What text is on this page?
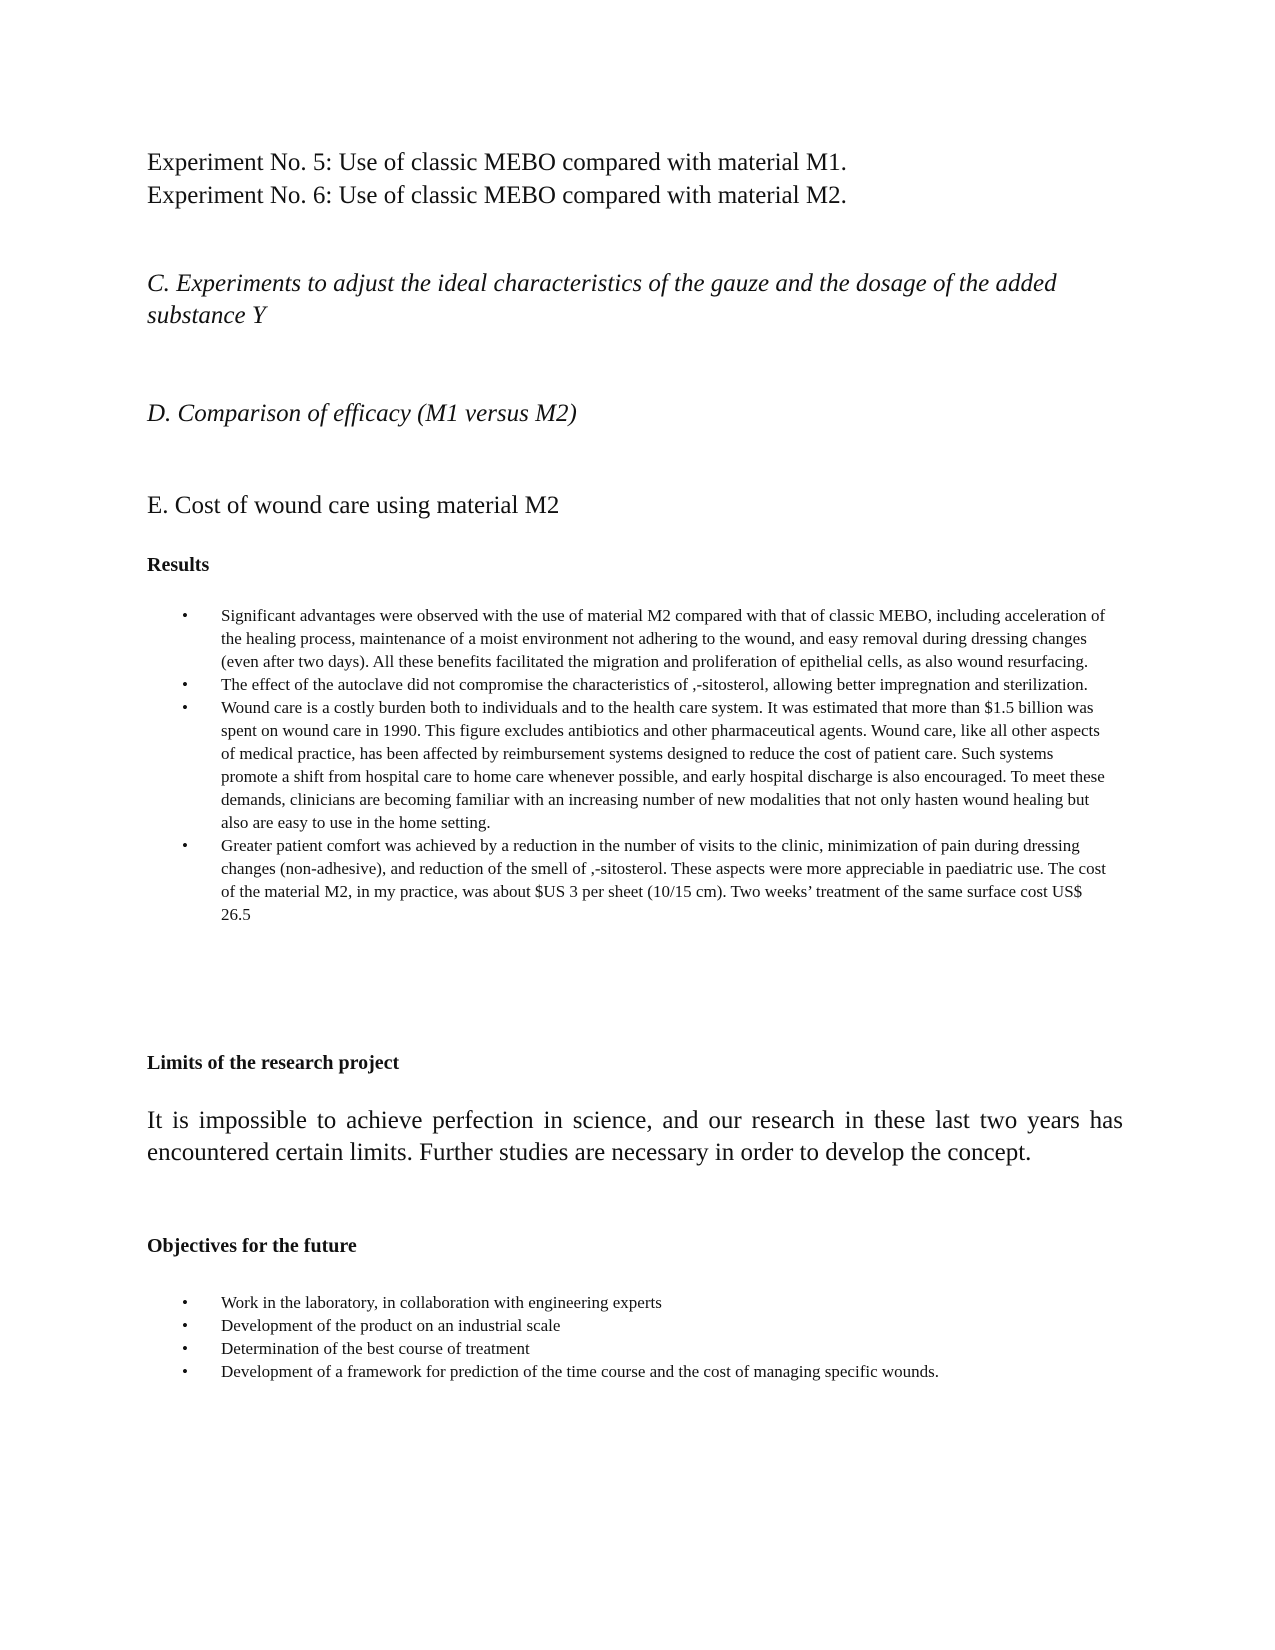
Experiment No. 5: Use of classic MEBO compared with material M1.
Experiment No. 6: Use of classic MEBO compared with material M2.
C. Experiments to adjust the ideal characteristics of the gauze and the dosage of the added substance Y
D. Comparison of efficacy (M1 versus M2)
E. Cost of wound care using material M2
Results
• Significant advantages were observed with the use of material M2 compared with that of classic MEBO, including acceleration of the healing process, maintenance of a moist environment not adhering to the wound, and easy removal during dressing changes (even after two days). All these benefits facilitated the migration and proliferation of epithelial cells, as also wound resurfacing.
• The effect of the autoclave did not compromise the characteristics of ,-sitosterol, allowing better impregnation and sterilization.
• Wound care is a costly burden both to individuals and to the health care system. It was estimated that more than $1.5 billion was spent on wound care in 1990. This figure excludes antibiotics and other pharmaceutical agents. Wound care, like all other aspects of medical practice, has been affected by reimbursement systems designed to reduce the cost of patient care. Such systems promote a shift from hospital care to home care whenever possible, and early hospital discharge is also encouraged. To meet these demands, clinicians are becoming familiar with an increasing number of new modalities that not only hasten wound healing but also are easy to use in the home setting.
• Greater patient comfort was achieved by a reduction in the number of visits to the clinic, minimization of pain during dressing changes (non-adhesive), and reduction of the smell of ,-sitosterol. These aspects were more appreciable in paediatric use. The cost of the material M2, in my practice, was about $US 3 per sheet (10/15 cm). Two weeks’ treatment of the same surface cost US$ 26.5
Limits of the research project

It is impossible to achieve perfection in science, and our research in these last two years has encountered certain limits. Further studies are necessary in order to develop the concept.

Objectives for the future
• Work in the laboratory, in collaboration with engineering experts
• Development of the product on an industrial scale
• Determination of the best course of treatment
• Development of a framework for prediction of the time course and the cost of managing specific wounds.
